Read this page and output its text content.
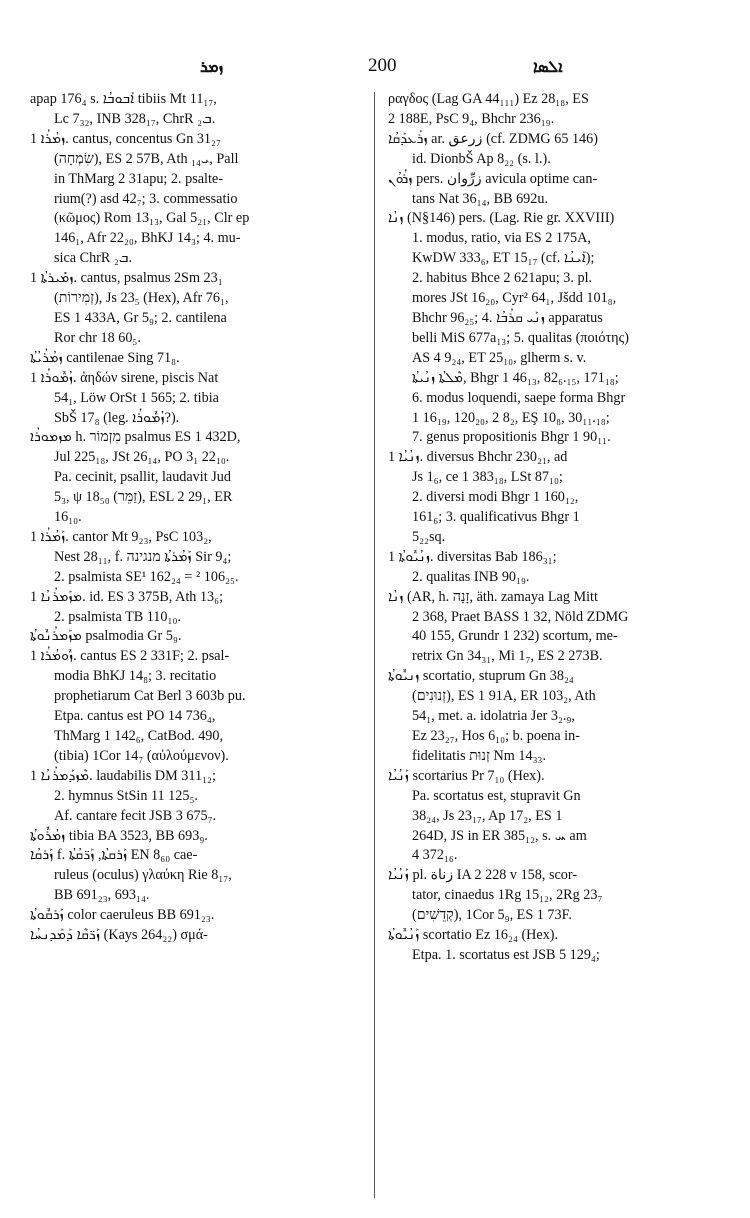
ܙܡܪ	200	ܐܠܣܐ
apap 176₄ s. ܐܰܒܘܒܳܐ tibiis Mt 11₁₇,
Lc 7₃₂, INB 328₁₇, ChrR ܒ₂.
ܙܡܳܪܳܐ 1. cantus, concentus Gn 31₂₇
(שִׂמְחָה), ES 2 57B, Ath ܝ₁₄, Pall
in ThMarg 2 31apu; 2. psalte-
rium(?) asd 42₇; 3. commessatio
(κῶμος) Rom 13₁₃, Gal 5₂₁, Clr ep
146₁, Afr 22₂₀, BhKJ 14₃; 4. mu-
sica ChrR ܒ₂.
ܙܡܺܝܪܬܳܐ 1. cantus, psalmus 2Sm 23₁
(זְמִירוֹת), Js 23₅ (Hex), Afr 76₁,
ES 1 433A, Gr 5₉; 2. cantilena
Ror chr 18 60₅.
ܙܡܳܪܳܝܳܬܳܐ cantilenae Sing 71₈.
ܙܳܡܽܘܪܳܐ 1. ἀηδών sirene, piscis Nat
54₁, Löw OrSt 1 565; 2. tibia
SbŠ 17₈ (leg. ܙܳܡܽܘܪܳܐ?).
ܡܙܡܘܪܳܐ h. מִזְמוֹר psalmus ES 1 432D,
Jul 225₁₈, JSt 26₁₄, PO 3₁ 22₁₀.
Pa. cecinit, psallit, laudavit Jud
5₃, ψ 18₅₀ (זַמֵּר), ESL 2 29₁, ER
16₁₀.
ܙܰܡܳܪܳܐ 1. cantor Mt 9₂₃, PsC 103₂,
Nest 28₁₁, f. ܙܰܡܳܪܬܳܐ מנגינה Sir 9₄;
2. psalmista SE¹ 162₂₄ = ² 106₂₅.
ܡܙܰܡܪܳܢܳܐ 1. id. ES 3 375B, Ath 13₆;
2. psalmista TB 110₁₀.
ܡܙܰܡܪܳܢܽܘܬܳܐ psalmodia Gr 5₉.
ܙܽܘܡܳܪܳܐ 1. cantus ES 2 331F; 2. psal-
modia BhKJ 14₈; 3. recitatio
prophetiarum Cat Berl 3 603b pu.
Etpa. cantus est PO 14 736₄,
ThMarg 1 142₆, CatBod. 490,
(tibia) 1Cor 14₇ (αὐλούμενον).
ܡܶܙܕܰܡܪܳܢܳܐ 1. laudabilis DM 311₁₂;
2. hymnus StSin 11 125₅.
Af. cantare fecit JSB 3 675₇.
ܙܡܳܪܽܘܬܳܐ tibia BA 3523, BB 693₉.
ܙܰܪܩܳܐ f. ܙܰܪܩܬܳܐ, ܙܰܪ̈ܩܳܬܳܐ EN 8₆₀ cae-
ruleus (oculus) γλαύκη Rie 8₁₇,
BB 691₂₃, 693₁₄.
ܙܰܪܩܽܘܬܳܐ color caeruleus BB 691₂₃.
ܙܰܪ̈ܩܶܐ ܕܰܡܰܕܢܚܳܐ (Kays 264₂₂) σμά-
ραγδος (Lag GA 44₁₁₁) Ez 28₁₈, ES
2 188E, PsC 9₄, Bhchr 236₁₉.
ܙܪܰܥܕܰܩܳܐ ar. زرعق (cf. ZDMG 65 146)
id. DionbŠ Ap 8₂₂ (s. l.).
ܙܪܳܘܳܢ pers. زرِّوان avicula optime can-
tans Nat 36₁₄, BB 692u.
ܙܢܳܐ (N§146) pers. (Lag. Rie gr. XXVIII)
1. modus, ratio, via ES 2 175A,
KwDW 333₆, ET 15₁₇ (cf. ܐܰܝܢܳܐ);
2. habitus Bhce 2 621apu; 3. pl.
mores JSt 16₂₀, Cyr² 64₁, Jšdd 101₈,
Bhchr 96₂₅; 4. ܙܢܰܝ ܩܪܳܒܳܐ apparatus
belli MiS 677a₁₃; 5. qualitas (ποιότης)
AS 4 9₂₄, ET 25₁₀, glherm s. v.
ܡܶܠܬܳܐ ܙܢܳܝܬܳܐ, Bhgr 1 46₁₃, 82₆.₁₅, 171₁₈;
6. modus loquendi, saepe forma Bhgr
1 16₁₉, 120₂₀, 2 8₂, EŞ 10₈, 30₁₁.₁₈;
7. genus propositionis Bhgr 1 90₁₁.
ܙܢܳܝܳܐ 1. diversus Bhchr 230₂₁, ad
Js 1₆, ce 1 383₁₈, LSt 87₁₀;
2. diversi modi Bhgr 1 160₁₂,
161₆; 3. qualificativus Bhgr 1
5₂₂sq.
ܙܢܳܝܽܘܬܳܐ 1. diversitas Bab 186₃₁;
2. qualitas INB 90₁₉.
ܙܢܳܐ (AR, h. זָנָה, äth. zamaya Lag Mitt
2 368, Praet BASS 1 32, Nöld ZDMG
40 155, Grundr 1 232) scortum, me-
retrix Gn 34₃₁, Mi 1₇, ES 2 273B.
ܙܢܝܽܘܬܳܐ scortatio, stuprum Gn 38₂₄
(זְנוּנִים), ES 1 91A, ER 103₂, Ath
54₁, met. a. idolatria Jer 3₂.₉,
Ez 23₂₇, Hos 6₁₀; b. poena in-
fidelitatis זְנוּת Nm 14₃₃.
ܙܰܢܳܝܳܐ scortarius Pr 7₁₀ (Hex).
Pa. scortatus est, stupravit Gn
38₂₄, Js 23₁₇, Ap 17₂, ES 1
264D, JS in ER 385₁₂, s. ܚ am
4 372₁₆.
ܙܰܢܳܝܳܐ pl. زناة IA 2 228 v 158, scor-
tator, cinaedus 1Rg 15₁₂, 2Rg 23₇
(קְדֵשִׁים), 1Cor 5₉, ES 1 73F.
ܙܰܢܳܝܽܘܬܳܐ scortatio Ez 16₂₄ (Hex).
Etpa. 1. scortatus est JSB 5 129₄;
